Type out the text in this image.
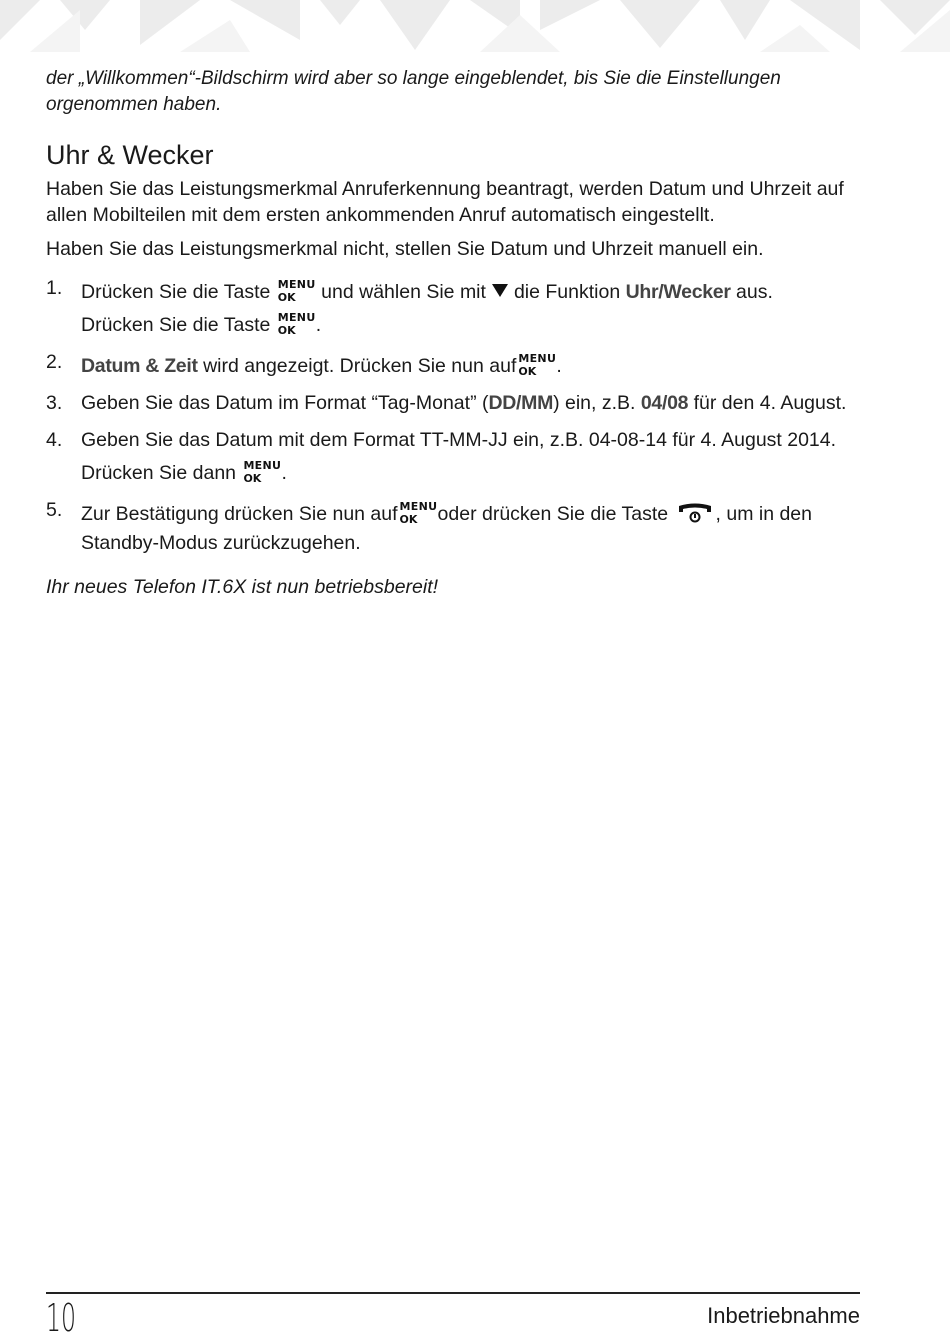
der „Willkommen“-Bildschirm wird aber so lange eingeblendet, bis Sie die Einstellungen orgenommen haben.

Uhr & Wecker

Haben Sie das Leistungsmerkmal Anruferkennung beantragt, werden Datum und Uhrzeit auf allen Mobilteilen mit dem ersten ankommenden Anruf automatisch eingestellt.

Haben Sie das Leistungsmerkmal nicht, stellen Sie Datum und Uhrzeit manuell ein.

1. Drücken Sie die Taste MENU
OK und wählen Sie mit die Funktion Uhr/Wecker aus.
Drücken Sie die Taste MENU
OK .
2. Datum & Zeit wird angezeigt. Drücken Sie nun auf MENU
OK .
3. Geben Sie das Datum im Format “Tag-Monat” (DD/MM) ein, z.B. 04/08 für den 4. August.
4. Geben Sie das Datum mit dem Format TT-MM-JJ ein, z.B. 04-08-14 für 4. August 2014.
Drücken Sie dann MENU
OK .
5. Zur Bestätigung drücken Sie nun auf MENU
OK oder drücken Sie die Taste , um in den Standby-Modus zurückzugehen.
Ihr neues Telefon IT.6X ist nun betriebsbereit!
10	Inbetriebnahme
